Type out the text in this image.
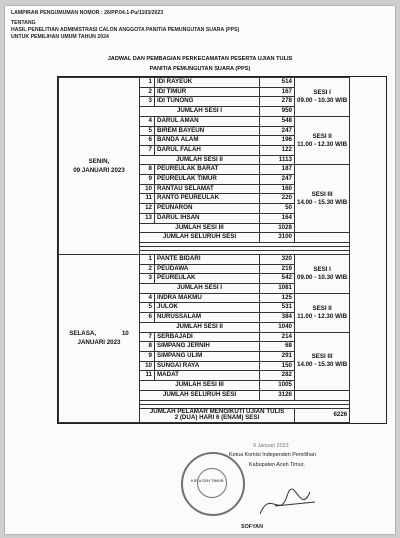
LAMPIRAN PENGUMUMAN NOMOR : 26/PP.04.1-Pu/1103/2023
TENTANG
HASIL PENELITIAN ADMINISTRASI CALON ANGGOTA PANITIA PEMUNGUTAN SUARA (PPS)
UNTUK PEMILIHAN UMUM TAHUN 2024
JADWAL DAN PEMBAGIAN PERKECAMATAN PESERTA UJIAN TULIS
PANITIA PEMUNGUTAN SUARA (PPS)
SENIN,
09 JANUARI 2023	1	IDI RAYEUK	514	SESI I
09.00 - 10.30 WIB	
	2	IDI TIMUR	167		
	3	IDI TUNONG	278		
	JUMLAH SESI I		959		
	4	DARUL AMAN	548	SESI II
11.00 - 12.30 WIB	
	5	BIREM BAYEUN	247		
	6	BANDA ALAM	196		
	7	DARUL FALAH	122		
	JUMLAH SESI II		1113		
	8	PEUREULAK BARAT	187	SESI III
14.00 - 15.30 WIB	
	9	PEUREULAK TIMUR	247		
	10	RANTAU SELAMAT	160		
	11	RANTO PEUREULAK	220		
	12	PEUNARON	50		
	13	DARUL IHSAN	164		
	JUMLAH SESI III		1028		
	JUMLAH SELURUH SESI		3100		

SELASA, 10
JANUARI 2023	1	PANTE BIDARI	320	SESI I
09.00 - 10.30 WIB	
	2	PEUDAWA	219		
	3	PEUREULAK	542		
	JUMLAH SESI I		1081		
	4	INDRA MAKMU	125	SESI II
11.00 - 12.30 WIB	
	5	JULOK	531		
	6	NURUSSALAM	384		
	JUMLAH SESI II		1040		
	7	SERBAJADI	214	SESI III
14.00 - 15.30 WIB	
	8	SIMPANG JERNIH	68		
	9	SIMPANG ULIM	291		
	10	SUNGAI RAYA	150		
	11	MADAT	282		
	JUMLAH SESI III		1005		
	JUMLAH SELURUH SESI		3126		

	JUMLAH PELAMAR MENGIKUTI UJIAN TULIS
2 (DUA) HARI 6 (ENAM) SESI			6226	
9 Januari 2023
Ketua Komisi Independen Pemilihan
Kabupaten Aceh Timur,
KIP ACEH TIMUR
SOFYAN
